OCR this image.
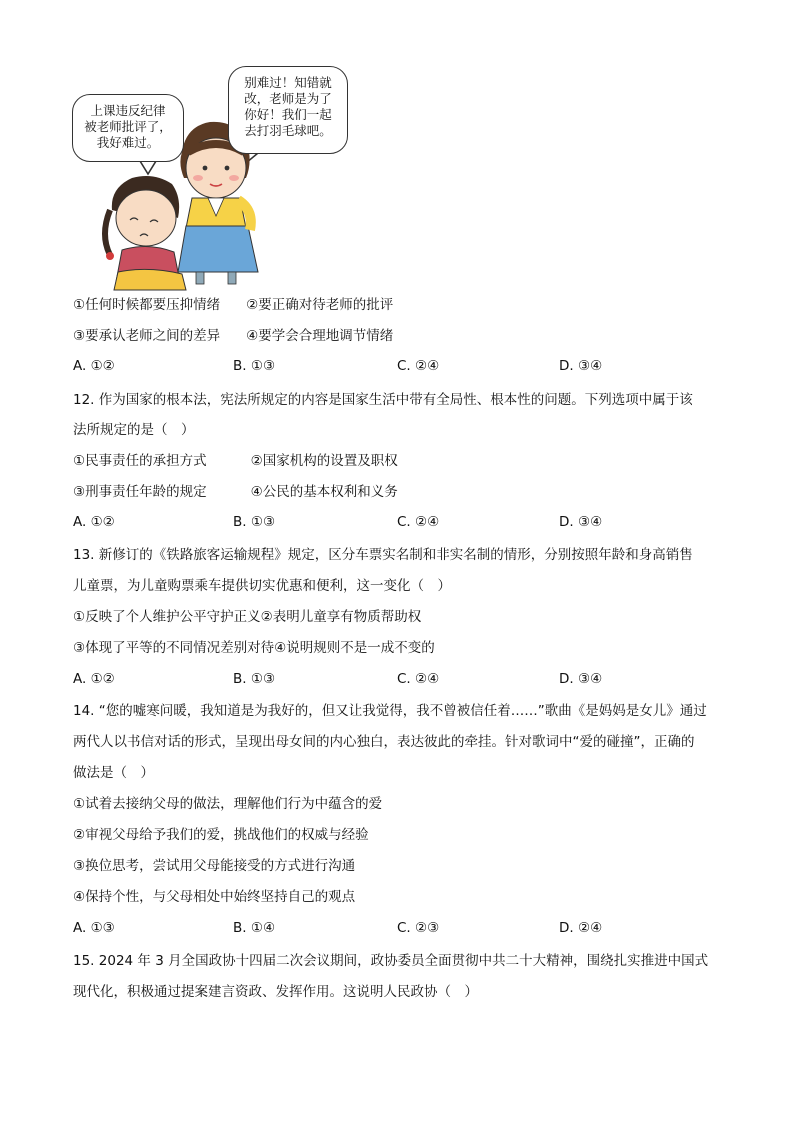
上课违反纪律
被老师批评了，
我好难过。
别难过！知错就
改，老师是为了
你好！我们一起
去打羽毛球吧。
①任何时候都要压抑情绪 ②要正确对待老师的批评
③要承认老师之间的差异 ④要学会合理地调节情绪
A. ①②	B. ①③	C. ②④	D. ③④
12. 作为国家的根本法，宪法所规定的内容是国家生活中带有全局性、根本性的问题。下列选项中属于该
法所规定的是（　）
①民事责任的承担方式	②国家机构的设置及职权
③刑事责任年龄的规定	④公民的基本权利和义务
A. ①②	B. ①③	C. ②④	D. ③④
13. 新修订的《铁路旅客运输规程》规定，区分车票实名制和非实名制的情形，分别按照年龄和身高销售
儿童票，为儿童购票乘车提供切实优惠和便利，这一变化（　）
①反映了个人维护公平守护正义②表明儿童享有物质帮助权
③体现了平等的不同情况差别对待④说明规则不是一成不变的
A. ①②	B. ①③	C. ②④	D. ③④
14. “您的嘘寒问暖，我知道是为我好的，但又让我觉得，我不曾被信任着……”歌曲《是妈妈是女儿》通过
两代人以书信对话的形式，呈现出母女间的内心独白，表达彼此的牵挂。针对歌词中“爱的碰撞”，正确的
做法是（　）
①试着去接纳父母的做法，理解他们行为中蕴含的爱
②审视父母给予我们的爱，挑战他们的权威与经验
③换位思考，尝试用父母能接受的方式进行沟通
④保持个性，与父母相处中始终坚持自己的观点
A. ①③	B. ①④	C. ②③	D. ②④
15. 2024 年 3 月全国政协十四届二次会议期间，政协委员全面贯彻中共二十大精神，围绕扎实推进中国式
现代化，积极通过提案建言资政、发挥作用。这说明人民政协（　）
